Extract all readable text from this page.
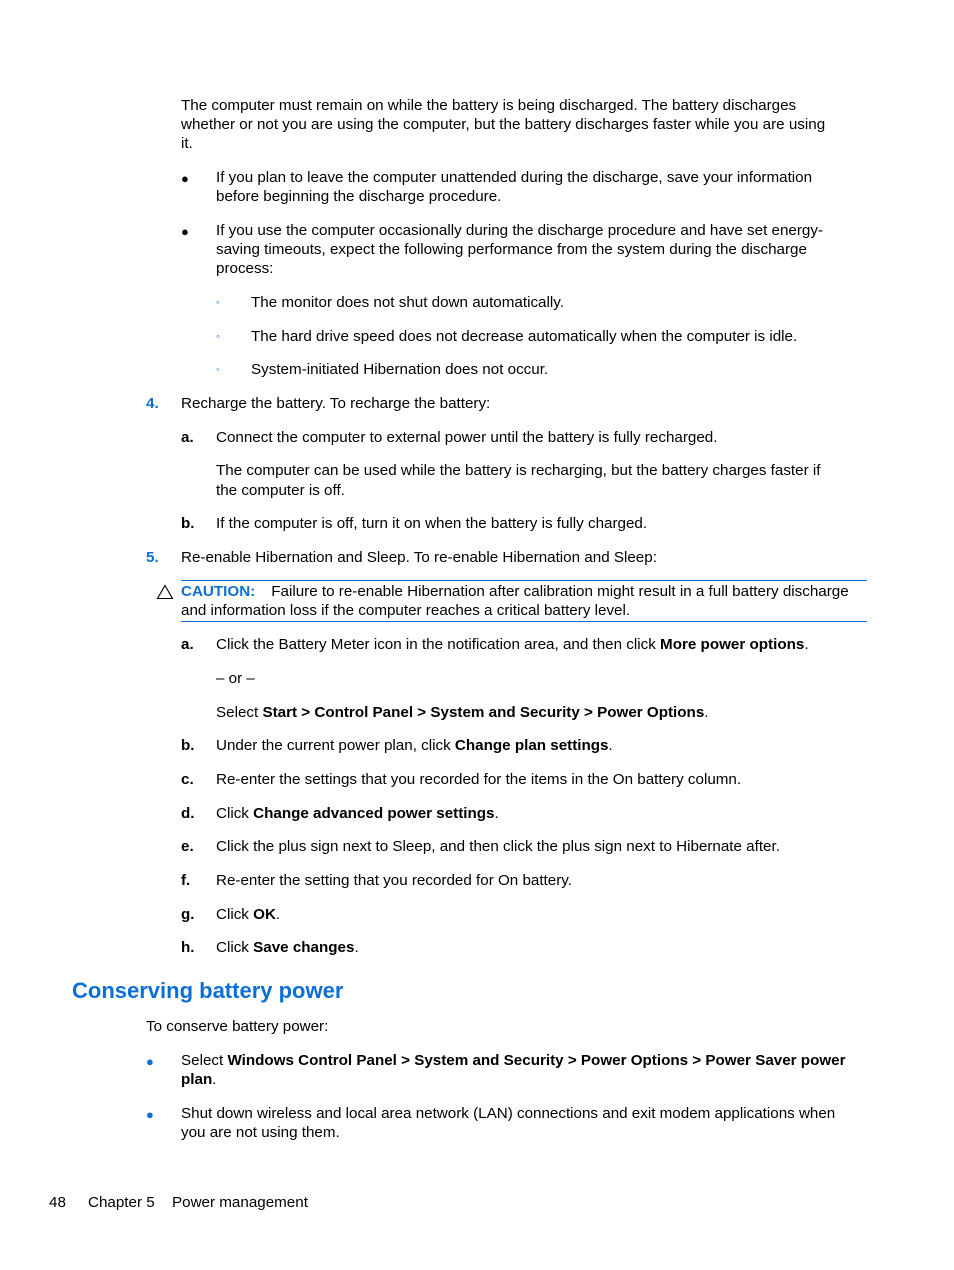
The computer must remain on while the battery is being discharged. The battery discharges
whether or not you are using the computer, but the battery discharges faster while you are using
it.
● If you plan to leave the computer unattended during the discharge, save your information
before beginning the discharge procedure.
● If you use the computer occasionally during the discharge procedure and have set energy-
saving timeouts, expect the following performance from the system during the discharge
process:
◦ The monitor does not shut down automatically.
◦ The hard drive speed does not decrease automatically when the computer is idle.
◦ System-initiated Hibernation does not occur.
4. Recharge the battery. To recharge the battery:
a. Connect the computer to external power until the battery is fully recharged.
The computer can be used while the battery is recharging, but the battery charges faster if
the computer is off.
b. If the computer is off, turn it on when the battery is fully charged.
5. Re-enable Hibernation and Sleep. To re-enable Hibernation and Sleep:
CAUTION: Failure to re-enable Hibernation after calibration might result in a full battery discharge
and information loss if the computer reaches a critical battery level.
a. Click the Battery Meter icon in the notification area, and then click More power options.
– or –
Select Start > Control Panel > System and Security > Power Options.
b. Under the current power plan, click Change plan settings.
c. Re-enter the settings that you recorded for the items in the On battery column.
d. Click Change advanced power settings.
e. Click the plus sign next to Sleep, and then click the plus sign next to Hibernate after.
f. Re-enter the setting that you recorded for On battery.
g. Click OK.
h. Click Save changes.
Conserving battery power
To conserve battery power:
● Select Windows Control Panel > System and Security > Power Options > Power Saver power
plan.
● Shut down wireless and local area network (LAN) connections and exit modem applications when
you are not using them.
48 Chapter 5 Power management
